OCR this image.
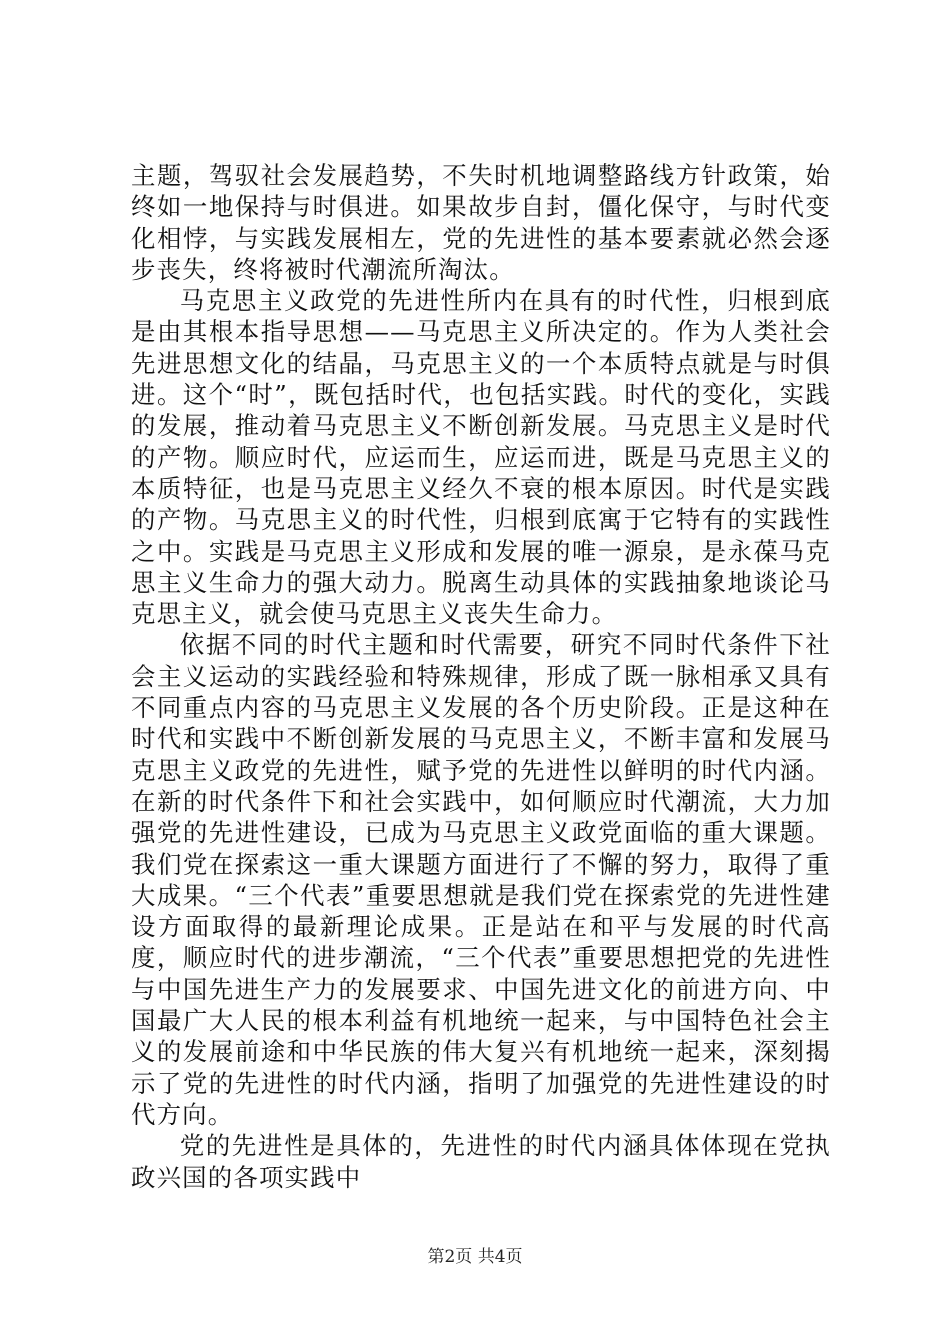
主题，驾驭社会发展趋势，不失时机地调整路线方针政策，始终如一地保持与时俱进。如果故步自封，僵化保守，与时代变化相悖，与实践发展相左，党的先进性的基本要素就必然会逐步丧失，终将被时代潮流所淘汰。

马克思主义政党的先进性所内在具有的时代性，归根到底是由其根本指导思想——马克思主义所决定的。作为人类社会先进思想文化的结晶，马克思主义的一个本质特点就是与时俱进。这个“时”，既包括时代，也包括实践。时代的变化，实践的发展，推动着马克思主义不断创新发展。马克思主义是时代的产物。顺应时代，应运而生，应运而进，既是马克思主义的本质特征，也是马克思主义经久不衰的根本原因。时代是实践的产物。马克思主义的时代性，归根到底寓于它特有的实践性之中。实践是马克思主义形成和发展的唯一源泉，是永葆马克思主义生命力的强大动力。脱离生动具体的实践抽象地谈论马克思主义，就会使马克思主义丧失生命力。

依据不同的时代主题和时代需要，研究不同时代条件下社会主义运动的实践经验和特殊规律，形成了既一脉相承又具有不同重点内容的马克思主义发展的各个历史阶段。正是这种在时代和实践中不断创新发展的马克思主义，不断丰富和发展马克思主义政党的先进性，赋予党的先进性以鲜明的时代内涵。在新的时代条件下和社会实践中，如何顺应时代潮流，大力加强党的先进性建设，已成为马克思主义政党面临的重大课题。我们党在探索这一重大课题方面进行了不懈的努力，取得了重大成果。“三个代表”重要思想就是我们党在探索党的先进性建设方面取得的最新理论成果。正是站在和平与发展的时代高度，顺应时代的进步潮流，“三个代表”重要思想把党的先进性与中国先进生产力的发展要求、中国先进文化的前进方向、中国最广大人民的根本利益有机地统一起来，与中国特色社会主义的发展前途和中华民族的伟大复兴有机地统一起来，深刻揭示了党的先进性的时代内涵，指明了加强党的先进性建设的时代方向。

党的先进性是具体的，先进性的时代内涵具体体现在党执政兴国的各项实践中

第2页 共4页
